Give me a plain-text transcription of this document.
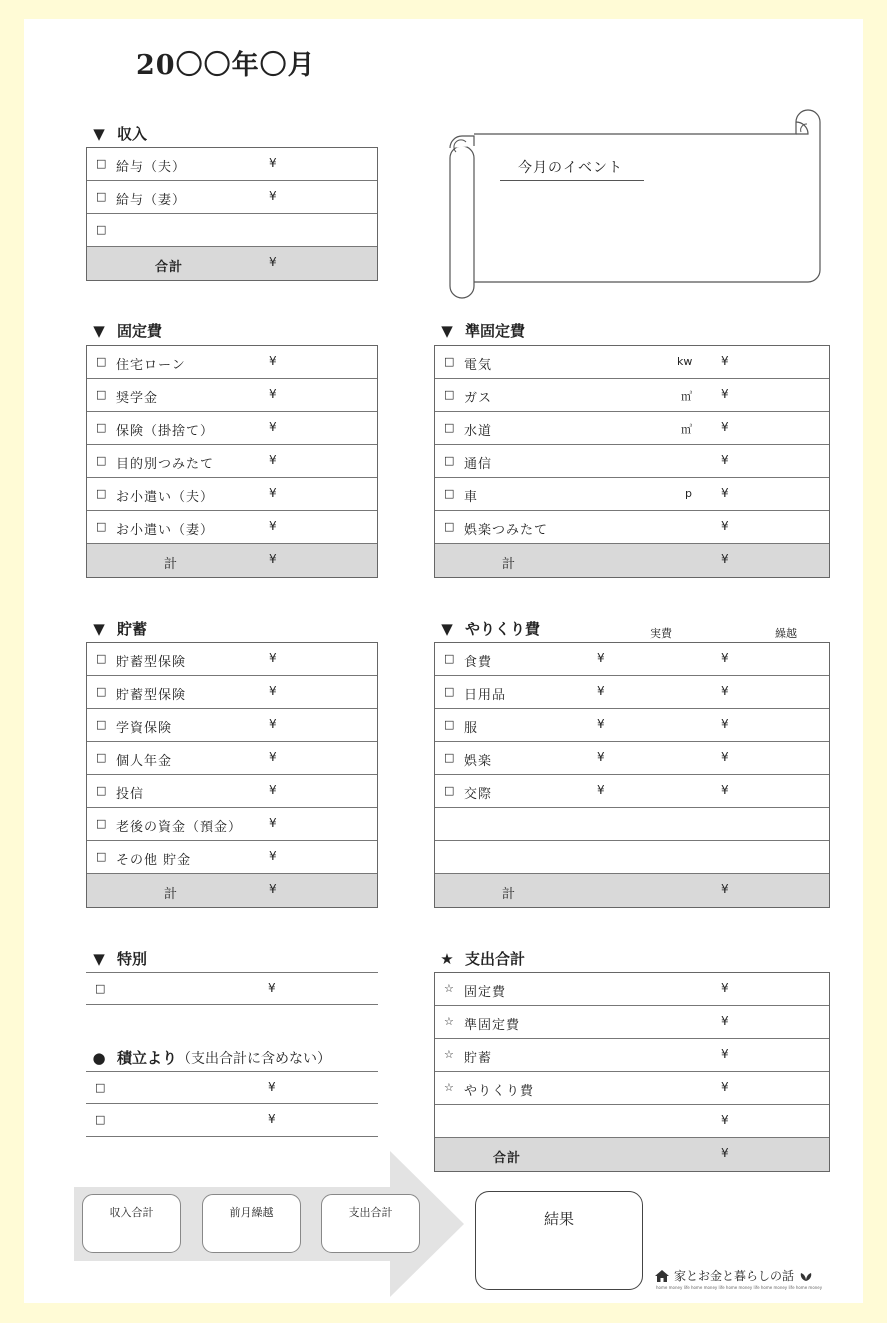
20〇〇年〇月
▼ 収入
□ 給与（夫）	¥
□ 給与（妻）	¥
□
合計	¥
今月のイベント
▼ 固定費
□ 住宅ローン	¥
□ 奨学金	¥
□ 保険（掛捨て）	¥
□ 目的別つみたて	¥
□ お小遣い（夫）	¥
□ お小遣い（妻）	¥
計	¥
▼ 準固定費
□ 電気	kw ¥
□ ガス	㎥ ¥
□ 水道	㎥ ¥
□ 通信	¥
□ 車	p ¥
□ 娯楽つみたて	¥
計	¥
▼ 貯蓄
□ 貯蓄型保険	¥
□ 貯蓄型保険	¥
□ 学資保険	¥
□ 個人年金	¥
□ 投信	¥
□ 老後の資金（預金） ¥
□ その他 貯金	¥
計	¥
▼ やりくり費	実費	繰越
□ 食費	¥	¥
□ 日用品	¥	¥
□ 服	¥	¥
□ 娯楽	¥	¥
□ 交際	¥	¥
計	¥
▼ 特別
□	¥
● 積立より （支出合計に含めない）
□	¥
□	¥
★ 支出合計
☆ 固定費	¥
☆ 準固定費	¥
☆ 貯蓄	¥
☆ やりくり費	¥
¥
合計	¥
収入合計	前月繰越	支出合計	結果
家とお金と暮らしの話
home money life home money life home money life home money life home money
